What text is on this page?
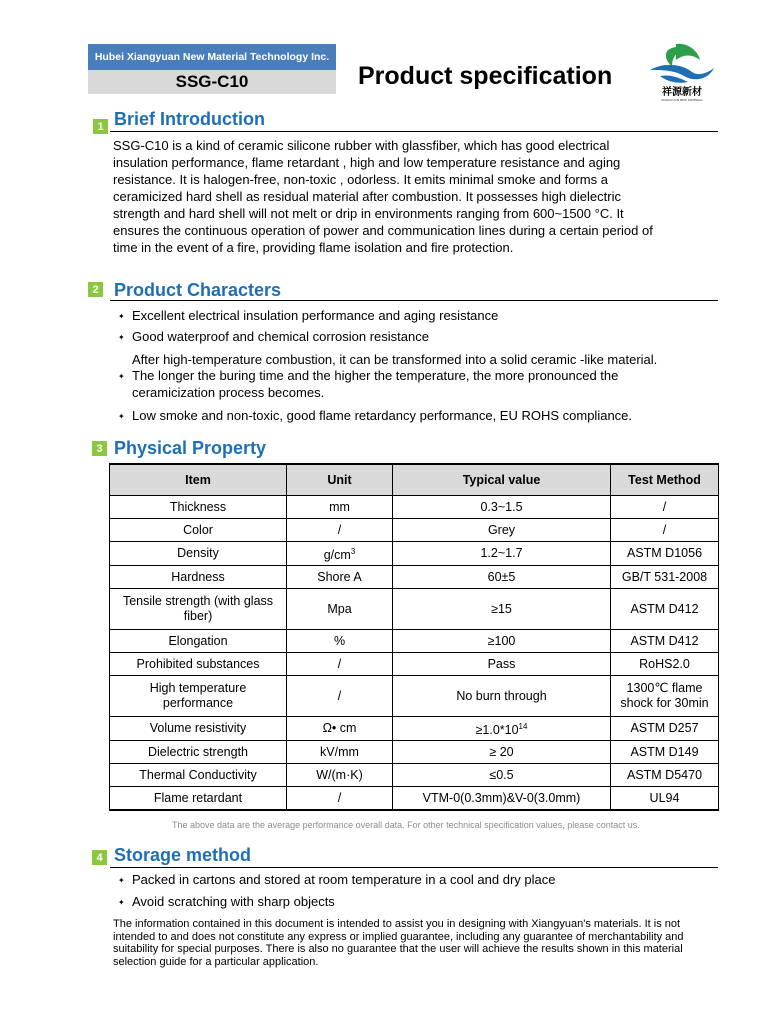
Hubei Xiangyuan New Material Technology Inc.
SSG-C10	Product specification
祥源新材
XIANGYUAN NEW MATERIAL
1 Brief Introduction
SSG-C10 is a kind of ceramic silicone rubber with glassfiber, which has good electrical
insulation performance, flame retardant , high and low temperature resistance and aging
resistance. It is halogen-free, non-toxic , odorless. It emits minimal smoke and forms a
ceramicized hard shell as residual material after combustion. It possesses high dielectric
strength and hard shell will not melt or drip in environments ranging from 600~1500 °C. It
ensures the continuous operation of power and communication lines during a certain period of
time in the event of a fire, providing flame isolation and fire protection.
2 Product Characters
✦ Excellent electrical insulation performance and aging resistance
✦ Good waterproof and chemical corrosion resistance
After high-temperature combustion, it can be transformed into a solid ceramic -like material.
✦ The longer the buring time and the higher the temperature, the more pronounced the
ceramicization process becomes.
✦ Low smoke and non-toxic, good flame retardancy performance, EU ROHS compliance.
3 Physical Property
Item	Unit	Typical value	Test Method
Thickness	mm	0.3~1.5	/
Color	/	Grey	/
Density	$g/cm^3$	1.2~1.7	ASTM D1056
Hardness	Shore A	60±5	GB/T 531-2008
Tensile strength (with glass fiber)	Mpa	≥15	ASTM D412
Elongation	%	≥100	ASTM D412
Prohibited substances	/	Pass	RoHS2.0
High temperature performance	/	No burn through	1300℃ flame shock for 30min
Volume resistivity	Ω• cm	$\ge 1.0*10^{14}$	ASTM D257
Dielectric strength	kV/mm	≥ 20	ASTM D149
Thermal Conductivity	W/(m·K)	≤0.5	ASTM D5470
Flame retardant	/	VTM-0(0.3mm)&V-0(3.0mm)	UL94
The above data are the average performance overall data. For other technical specification values, please contact us.
4 Storage method
✦ Packed in cartons and stored at room temperature in a cool and dry place
✦ Avoid scratching with sharp objects
The information contained in this document is intended to assist you in designing with Xiangyuan's materials. It is not intended to and does not constitute any express or implied guarantee, including any guarantee of merchantability and suitability for special purposes. There is also no guarantee that the user will achieve the results shown in this material selection guide for a particular application.
